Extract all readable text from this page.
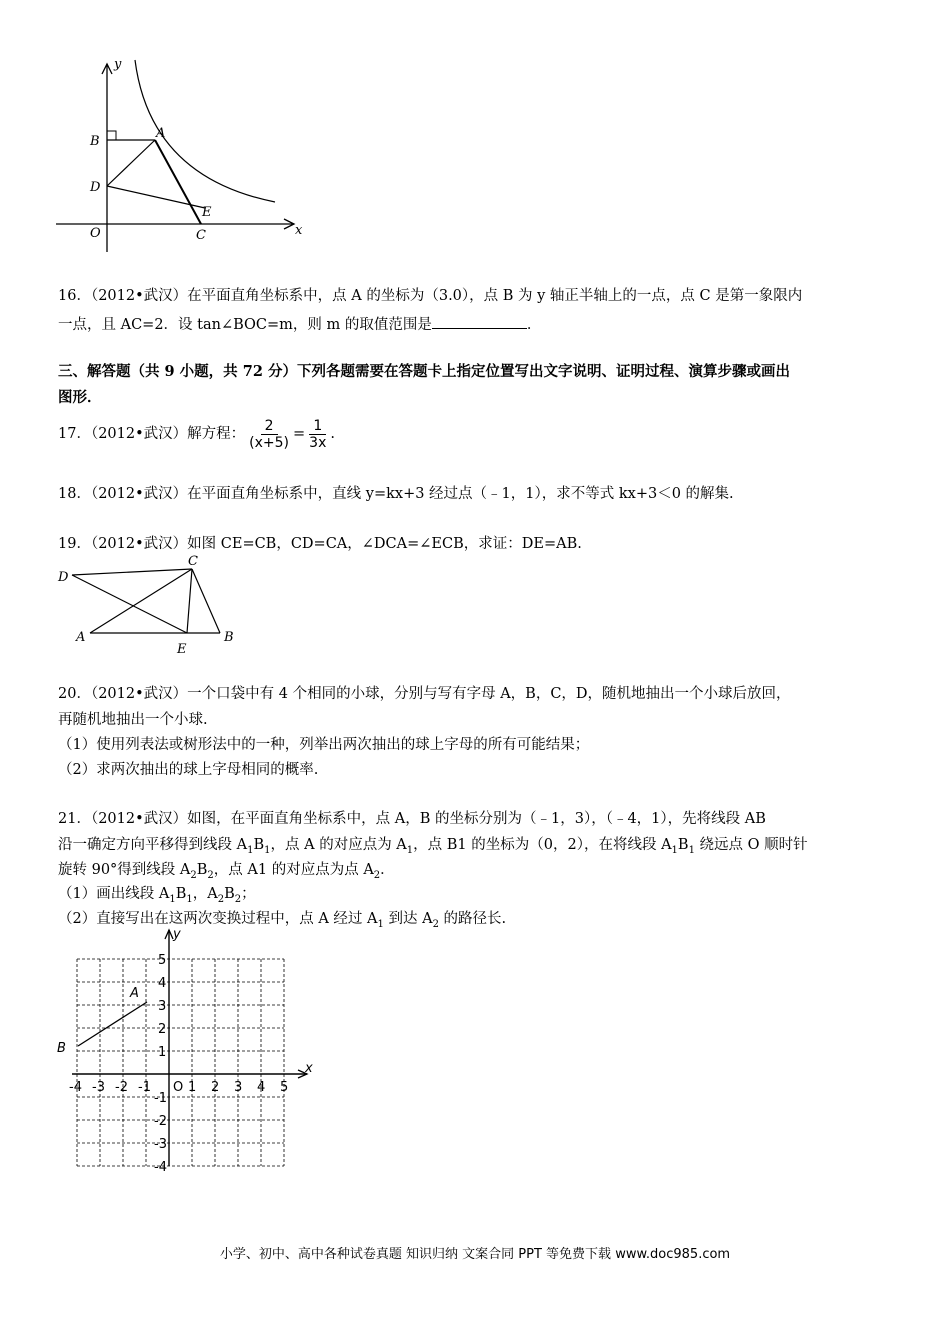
y
x
O
B
A
D
E
C
16．（2012•武汉）在平面直角坐标系中，点 A 的坐标为（3.0），点 B 为 y 轴正半轴上的一点，点 C 是第一象限内
一点，且 AC=2．设 tan∠BOC=m，则 m 的取值范围是	．
三、解答题（共 9 小题，共 72 分）下列各题需要在答题卡上指定位置写出文字说明、证明过程、演算步骤或画出
图形．
17．（2012•武汉）解方程： $\frac{2}{(x+5)} = \frac{1}{3x}$ .
18．（2012•武汉）在平面直角坐标系中，直线 y=kx+3 经过点（﹣1，1），求不等式 kx+3＜0 的解集.
19．（2012•武汉）如图 CE=CB，CD=CA，∠DCA=∠ECB，求证：DE=AB.
D
C
A
E
B
20．（2012•武汉）一个口袋中有 4 个相同的小球，分别与写有字母 A，B，C，D，随机地抽出一个小球后放回，
再随机地抽出一个小球.
（1）使用列表法或树形法中的一种，列举出两次抽出的球上字母的所有可能结果；
（2）求两次抽出的球上字母相同的概率.
21．（2012•武汉）如图，在平面直角坐标系中，点 A，B 的坐标分别为（﹣1，3），（﹣4，1），先将线段 AB
沿一确定方向平移得到线段 $A_1B_1$，点 A 的对应点为 $A_1$，点 B1 的坐标为（0，2），在将线段 $A_1B_1$ 绕远点 O 顺时针
旋转 90°得到线段 $A_2B_2$，点 A1 的对应点为点 $A_2$．
（1）画出线段 $A_1B_1$，$A_2B_2$；
（2）直接写出在这两次变换过程中，点 A 经过 $A_1$ 到达 $A_2$ 的路径长.
-4 -3 -2 -1 O 1 2 3 4 5
5
4
3
2
1
-1
-2
-3
-4
A
B
x
y
小学、初中、高中各种试卷真题 知识归纳 文案合同 PPT 等免费下载 www.doc985.com
